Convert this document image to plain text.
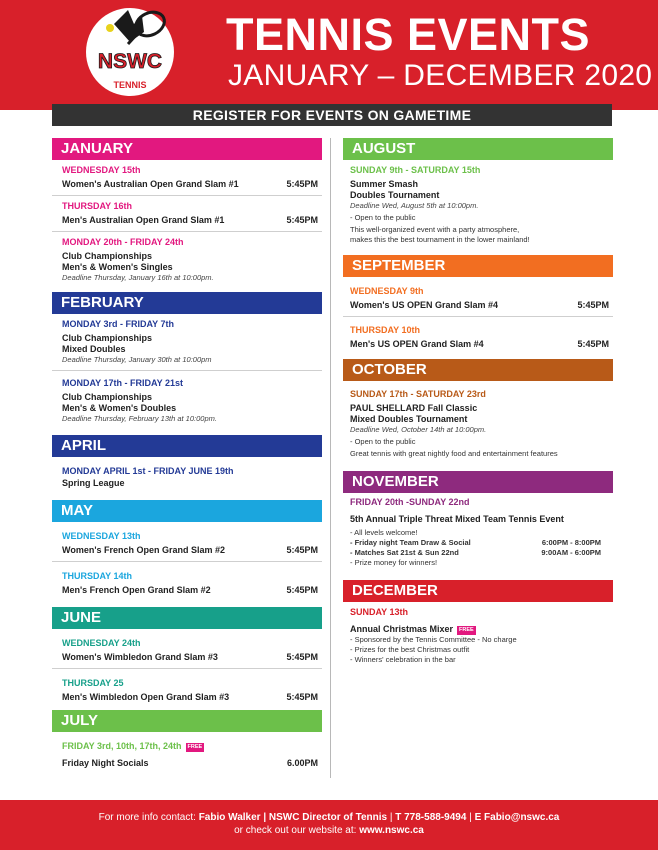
NSWC
TENNIS
TENNIS EVENTS
JANUARY – DECEMBER 2020
REGISTER FOR EVENTS ON GAMETIME
JANUARY
WEDNESDAY 15th
Women's Australian Open Grand Slam #1	5:45PM
THURSDAY 16th
Men's Australian Open Grand Slam #1	5:45PM
MONDAY 20th - FRIDAY 24th
Club Championships
Men's & Women's Singles
Deadline Thursday, January 16th at 10:00pm.
FEBRUARY
MONDAY 3rd - FRIDAY 7th
Club Championships
Mixed Doubles
Deadline Thursday, January 30th at 10:00pm
MONDAY 17th - FRIDAY 21st
Club Championships
Men's & Women's Doubles
Deadline Thursday, February 13th at 10:00pm.
APRIL
MONDAY APRIL 1st - FRIDAY JUNE 19th
Spring League
MAY
WEDNESDAY 13th
Women's French Open Grand Slam #2	5:45PM
THURSDAY 14th
Men's French Open Grand Slam #2	5:45PM
JUNE
WEDNESDAY 24th
Women's Wimbledon Grand Slam #3	5:45PM
THURSDAY 25
Men's Wimbledon Open Grand Slam #3	5:45PM
JULY
FRIDAY 3rd, 10th, 17th, 24th FREE
Friday Night Socials	6.00PM
AUGUST
SUNDAY 9th - SATURDAY 15th
Summer Smash
Doubles Tournament
Deadline Wed, August 5th at 10:00pm.
- Open to the public
This well-organized event with a party atmosphere,
makes this the best tournament in the lower mainland!
SEPTEMBER
WEDNESDAY 9th
Women's US OPEN Grand Slam #4	5:45PM
THURSDAY 10th
Men's US OPEN Grand Slam #4	5:45PM
OCTOBER
SUNDAY 17th - SATURDAY 23rd
PAUL SHELLARD Fall Classic
Mixed Doubles Tournament
Deadline Wed, October 14th at 10:00pm.
- Open to the public
Great tennis with great nightly food and entertainment features
NOVEMBER
FRIDAY 20th -SUNDAY 22nd
5th Annual Triple Threat Mixed Team Tennis Event
- All levels welcome!
- Friday night Team Draw & Social	6:00PM - 8:00PM
- Matches Sat 21st & Sun 22nd	9:00AM - 6:00PM
- Prize money for winners!
DECEMBER
SUNDAY 13th
Annual Christmas Mixer FREE
- Sponsored by the Tennis Committee - No charge
- Prizes for the best Christmas outfit
- Winners' celebration in the bar
For more info contact: Fabio Walker | NSWC Director of Tennis | T 778-588-9494 | E Fabio@nswc.ca
or check out our website at: www.nswc.ca
